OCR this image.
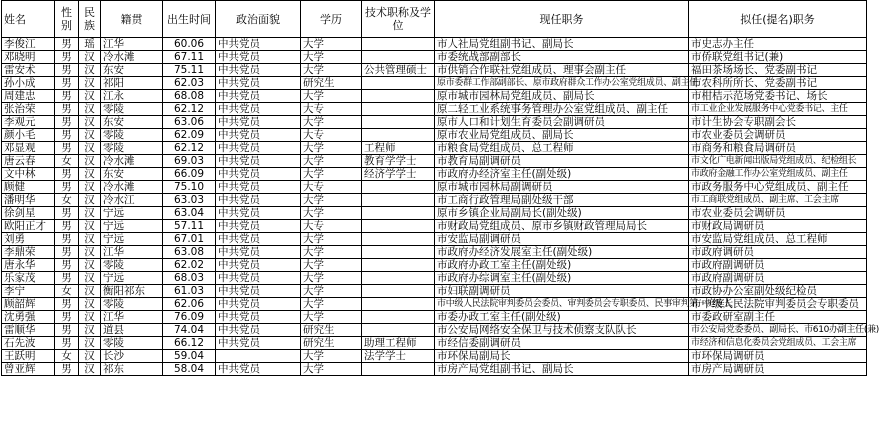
姓名	性别	民族	籍贯	出生时间	政治面貌	学历	技术职称及学位	现任职务	拟任(提名)职务
李俊江	男	瑶	江华	60.06	中共党员	大学		市人社局党组副书记、副局长	市史志办主任
邓晓明	男	汉	冷水滩	67.11	中共党员	大学		市委统战部副部长	市侨联党组书记(兼)
雷安术	男	汉	东安	75.11	中共党员	大学	公共管理硕士	市供销合作联社党组成员、理事会副主任	福田茶场场长、党委副书记
孙小成	男	汉	祁阳	62.03	中共党员	研究生		原市委群工作部副部长、原市政府群众工作办公室党组成员、副主任	市农科所所长、党委副书记
周建忠	男	汉	江永	68.08	中共党员	大学		原市城市园林局党组成员、副局长	市柑桔示范场党委书记、场长
张治荣	男	汉	零陵	62.12	中共党员	大专		原二轻工业系统事务管理办公室党组成员、副主任	市工业企业发展服务中心党委书记、主任
李观元	男	汉	东安	63.06	中共党员	大学		原市人口和计划生育委员会副调研员	市计生协会专职副会长
颜小毛	男	汉	零陵	62.09	中共党员	大专		原市农业局党组成员、副局长	市农业委员会调研员
邓显观	男	汉	零陵	62.12	中共党员	大学	工程师	市粮食局党组成员、总工程师	市商务和粮食局调研员
唐云春	女	汉	冷水滩	69.03	中共党员	大学	教育学学士	市教育局副调研员	市文化广电新闻出版局党组成员、纪检组长
文中林	男	汉	东安	66.09	中共党员	大学	经济学学士	市政府办经济室主任(副处级)	市政府金融工作办公室党组成员、副主任
顾健	男	汉	冷水滩	75.10	中共党员	大专		原市城市园林局副调研员	市政务服务中心党组成员、副主任
潘明华	女	汉	冷水江	63.03	中共党员	大学		市工商行政管理局副处级干部	市工商联党组成员、副主席、工会主席
徐剑星	男	汉	宁远	63.04	中共党员	大学		原市乡镇企业局副局长(副处级)	市农业委员会调研员
欧阳正才	男	汉	宁远	57.11	中共党员	大专		市财政局党组成员、原市乡镇财政管理局局长	市财政局调研员
刘勇	男	汉	宁远	67.01	中共党员	大学		市安监局副调研员	市安监局党组成员、总工程师
李鼎荣	男	汉	江华	63.08	中共党员	大学		市政府办经济发展室主任(副处级)	市政府调研员
唐永华	男	汉	零陵	62.02	中共党员	大学		市政府办政工室主任(副处级)	市政府副调研员
乐家茂	男	汉	宁远	68.03	中共党员	大学		市政府办综调室主任(副处级)	市政府副调研员
李宁	女	汉	衡阳祁东	61.03	中共党员	大学		市妇联副调研员	市政协办公室副处级纪检员
顾韶辉	男	汉	零陵	62.06	中共党员	大学		市中级人民法院审判委员会委员、审判委员会专职委员、民事审判第一庭庭长	市中级人民法院审判委员会专职委员
沈勇强	男	汉	江华	76.09	中共党员	大学		市委办政工室主任(副处级)	市委政研室副主任
雷顺华	男	汉	道县	74.04	中共党员	研究生		市公安局网络安全保卫与技术侦察支队队长	市公安局党委委员、副局长、市610办副主任(兼)
石先波	男	汉	零陵	66.12	中共党员	研究生	助理工程师	市经信委副调研员	市经济和信息化委员会党组成员、工会主席
王跃明	女	汉	长沙	59.04		大学	法学学士	市环保局副局长	市环保局调研员
曾亚辉	男	汉	祁东	58.04	中共党员	大学		市房产局党组副书记、副局长	市房产局调研员
